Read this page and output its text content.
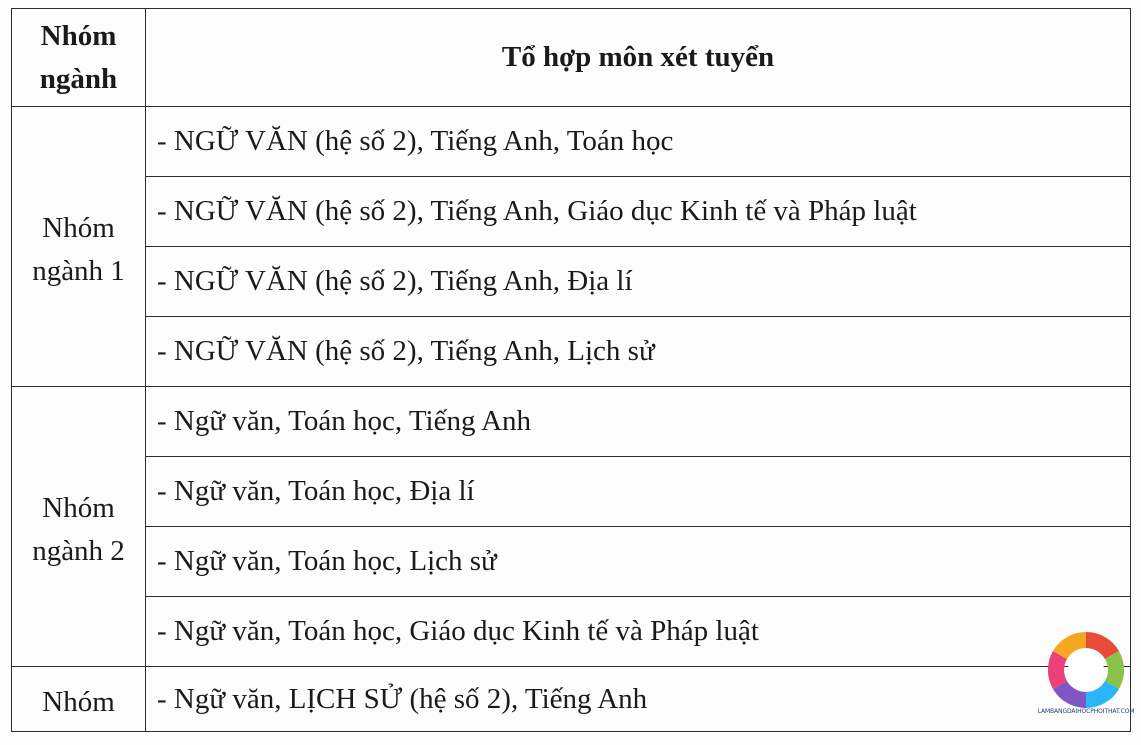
Nhóm ngành	Tổ hợp môn xét tuyển
Nhóm ngành 1	- NGỮ VĂN (hệ số 2), Tiếng Anh, Toán học
	- NGỮ VĂN (hệ số 2), Tiếng Anh, Giáo dục Kinh tế và Pháp luật
	- NGỮ VĂN (hệ số 2), Tiếng Anh, Địa lí
	- NGỮ VĂN (hệ số 2), Tiếng Anh, Lịch sử
Nhóm ngành 2	- Ngữ văn, Toán học, Tiếng Anh
	- Ngữ văn, Toán học, Địa lí
	- Ngữ văn, Toán học, Lịch sử
	- Ngữ văn, Toán học, Giáo dục Kinh tế và Pháp luật
Nhóm	- Ngữ văn, LỊCH SỬ (hệ số 2), Tiếng Anh	LAMBANGDAIHOCPHOITHAT.COM
